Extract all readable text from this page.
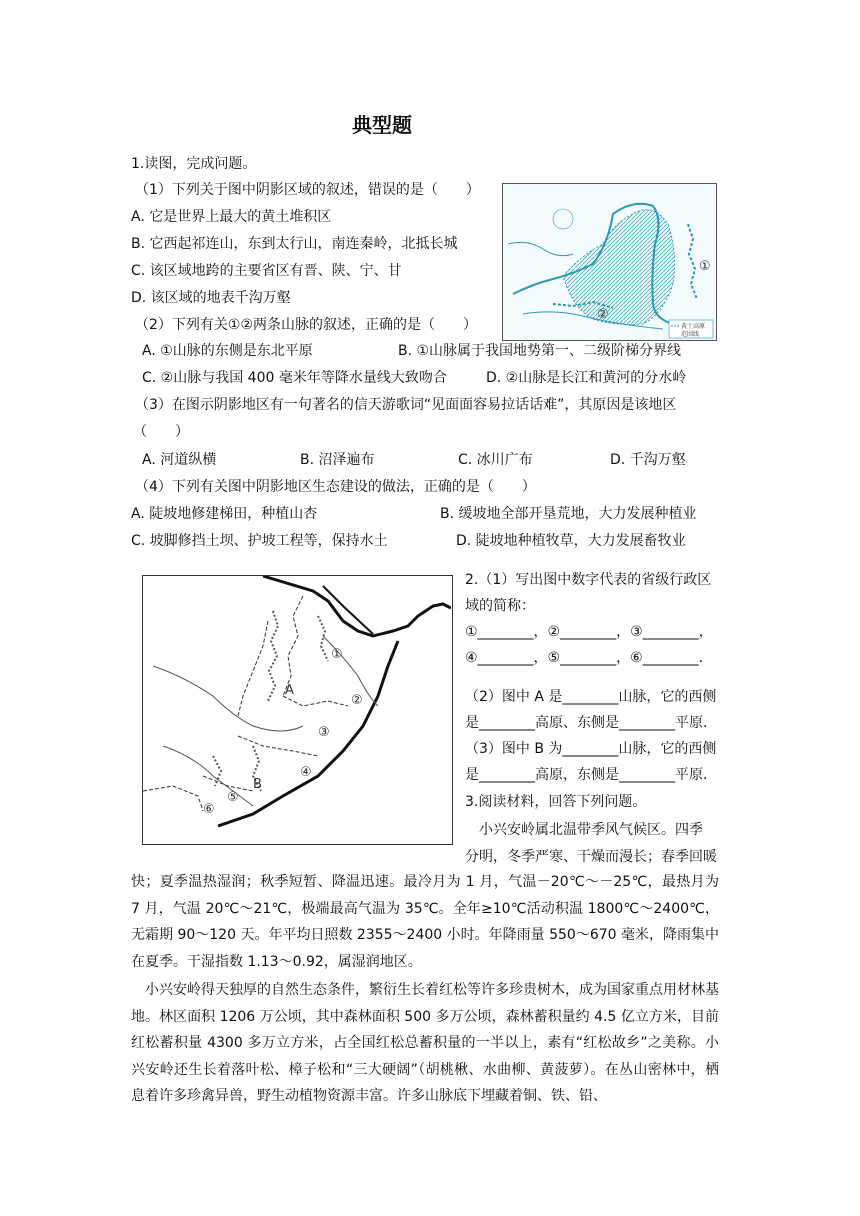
典型题
1.读图，完成问题。
（1）下列关于图中阴影区域的叙述，错误的是（　　）
A. 它是世界上最大的黄土堆积区
B. 它西起祁连山，东到太行山，南连秦岭，北抵长城
C. 该区域地跨的主要省区有晋、陕、宁、甘
D. 该区域的地表千沟万壑
（2）下列有关①②两条山脉的叙述，正确的是（　　）
A. ①山脉的东侧是东北平原	B. ①山脉属于我国地势第一、二级阶梯分界线
C. ②山脉与我国 400 毫米年等降水量线大致吻合	D. ②山脉是长江和黄河的分水岭
（3）在图示阴影地区有一句著名的信天游歌词“见面面容易拉话话难”，其原因是该地区
（　　）
A. 河道纵横	B. 沼泽遍布	C. 冰川广布	D. 千沟万壑
（4）下列有关图中阴影地区生态建设的做法，正确的是（　　）
A. 陡坡地修建梯田，种植山杏	B. 缓坡地全部开垦荒地，大力发展种植业
C. 坡脚修挡土坝、护坡工程等，保持水土	D. 陡坡地种植牧草，大力发展畜牧业
①
②
黄土高原
范围线
2.（1）写出图中数字代表的省级行政区
域的简称：
①________，②________，③________，
④________，⑤________，⑥________.
（2）图中 A 是________山脉，它的西侧
是________高原、东侧是________平原.
（3）图中 B 为________山脉，它的西侧
是________高原，东侧是________平原.
①
②
③
④
⑤
⑥
A
B
3.阅读材料，回答下列问题。
小兴安岭属北温带季风气候区。四季
分明，冬季严寒、干燥而漫长；春季回暖
快；夏季温热湿润；秋季短暂、降温迅速。最冷月为 1 月，气温－20℃～－25℃，最热月为 7 月，气温 20℃～21℃，极端最高气温为 35℃。全年≥10℃活动积温 1800℃～2400℃，无霜期 90～120 天。年平均日照数 2355～2400 小时。年降雨量 550～670 毫米，降雨集中在夏季。干湿指数 1.13～0.92，属湿润地区。
小兴安岭得天独厚的自然生态条件，繁衍生长着红松等许多珍贵树木，成为国家重点用材林基地。林区面积 1206 万公顷，其中森林面积 500 多万公顷，森林蓄积量约 4.5 亿立方米，目前红松蓄积量 4300 多万立方米，占全国红松总蓄积量的一半以上，素有“红松故乡”之美称。小兴安岭还生长着落叶松、樟子松和“三大硬阔”（胡桃楸、水曲柳、黄菠萝）。在丛山密林中，栖息着许多珍禽异兽，野生动植物资源丰富。许多山脉底下埋藏着铜、铁、铅、
